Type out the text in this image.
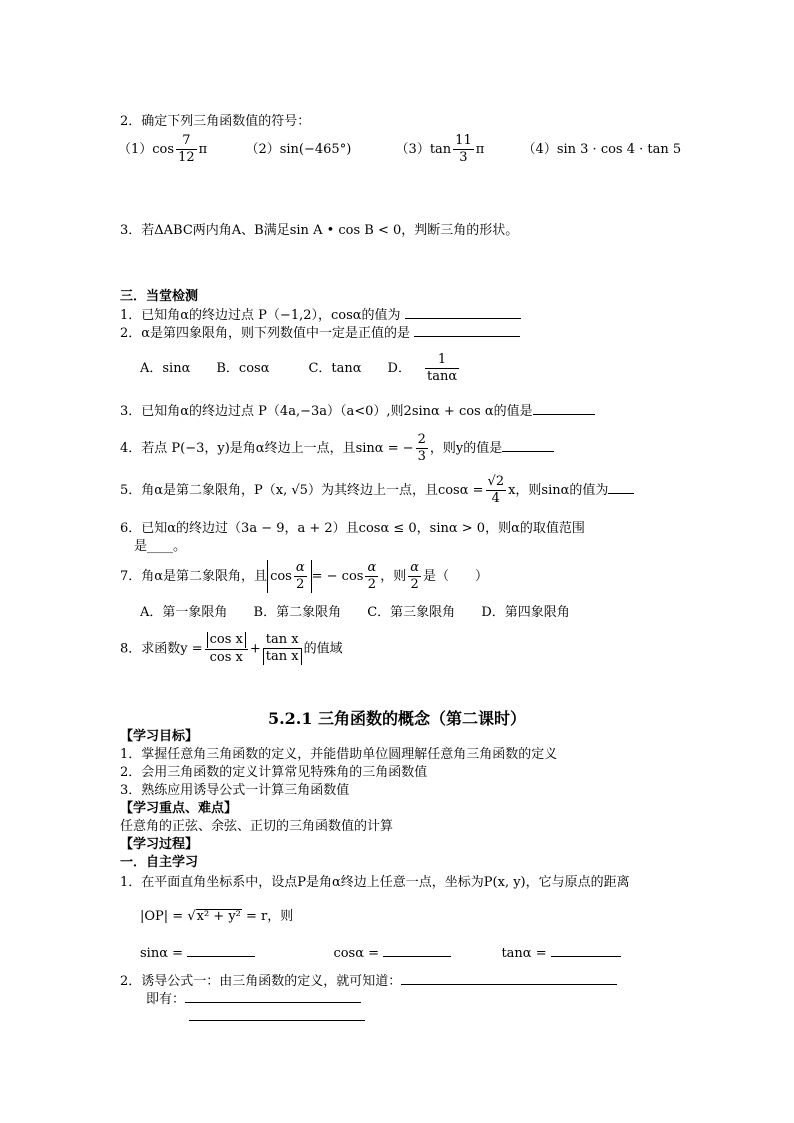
2．确定下列三角函数值的符号：
$(1)\cos \frac{7}{12}$ π	（2）sin(−465°)	$(3)\tan \frac{11}{3}$ π	（4）sin 3 · cos 4 · tan 5
3．若ΔABC两内角A、B满足sin A • cos B < 0，判断三角的形状。
三．当堂检测
1．已知角α的终边过点 P（−1,2），cosα的值为
2．α是第四象限角，则下列数值中一定是正值的是
A．sinα　　B．cosα　　　C．tanα　　D． $\frac{1}{\tan\alpha}$
3．已知角α的终边过点 P（4a,−3a）（a<0）,则2sinα + cos α的值是
4．若点 P(−3，y)是角α终边上一点，且sinα = − $\frac{2}{3}$ ，则y的值是
5．角α是第二象限角，P（x, √5）为其终边上一点，且$\cos\alpha = \frac{√2}{4}$ x，则sinα的值为
6．已知α的终边过（3a − 9，a + 2）且cosα ≤ 0，sinα > 0，则α的取值范围
是____。
7．角α是第二象限角，且 $\cos \frac{\alpha}{2}$ = − $\cos \frac{\alpha}{2}$ ，则 $\frac{\alpha}{2}$ 是（　　）
A．第一象限角 B．第二象限角 C．第三象限角 D．第四象限角
8．求函数$y = \frac{\text{cos x}}{\text{cos x}} + \frac{\text{tan x}}{\text{tan x}}$ 的值域
5.2.1 三角函数的概念（第二课时）
【学习目标】
1．掌握任意角三角函数的定义，并能借助单位圆理解任意角三角函数的定义
2．会用三角函数的定义计算常见特殊角的三角函数值
3．熟练应用诱导公式一计算三角函数值
【学习重点、难点】
任意角的正弦、余弦、正切的三角函数值的计算
【学习过程】
一．自主学习
1．在平面直角坐标系中，设点P是角α终边上任意一点，坐标为P(x, y)，它与原点的距离
|OP| = √x² + y² = r，则
sinα =	cosα =	tanα =
2．诱导公式一：由三角函数的定义，就可知道：
即有：
